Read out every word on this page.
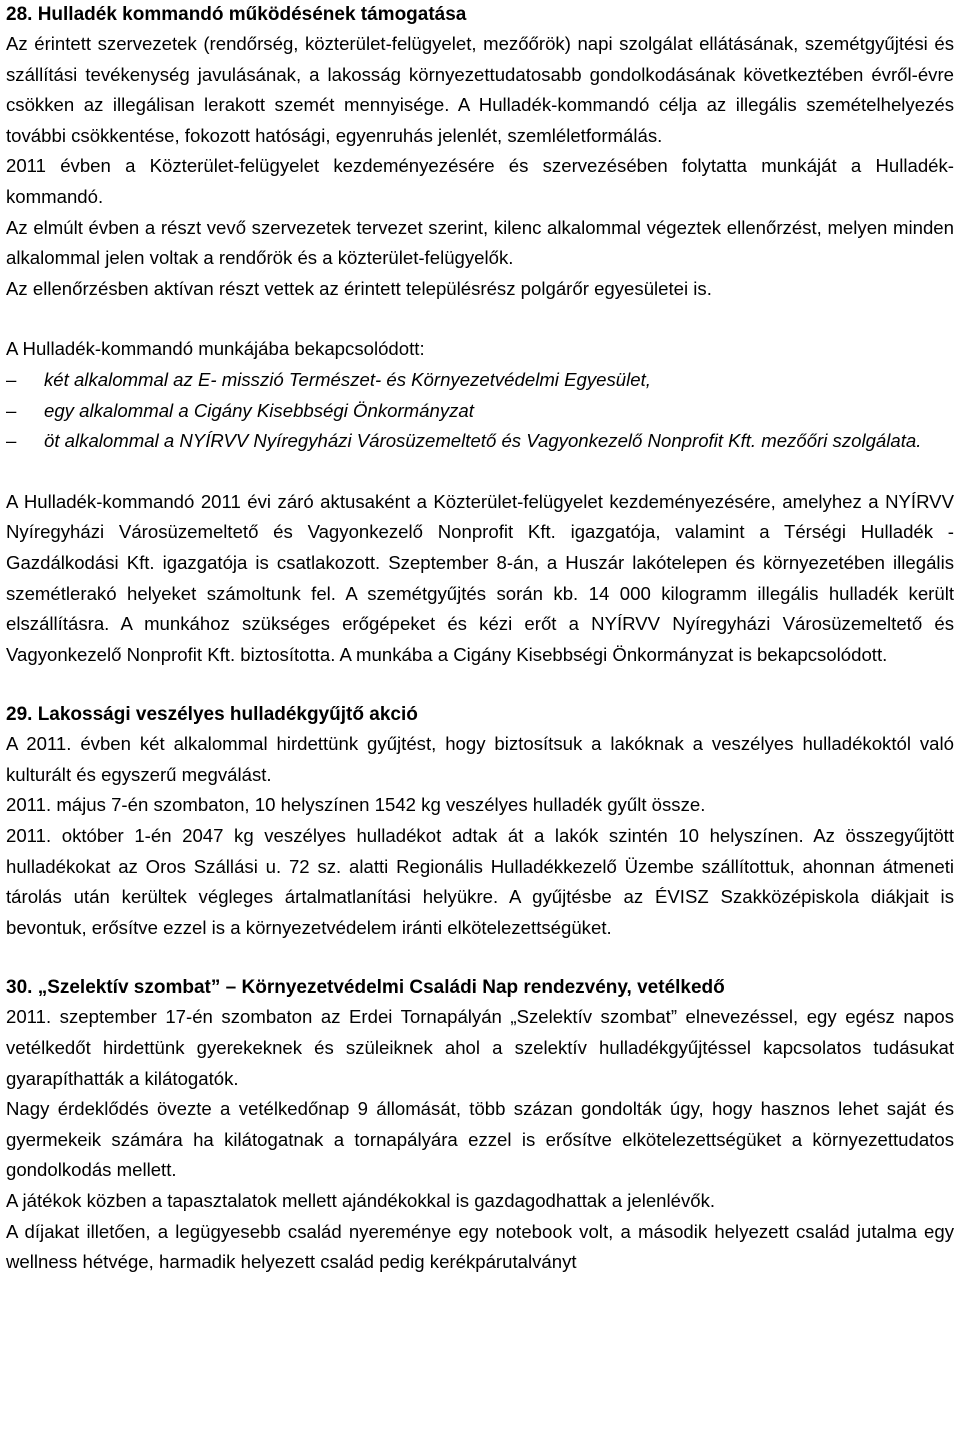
28. Hulladék kommandó működésének támogatása

Az érintett szervezetek (rendőrség, közterület-felügyelet, mezőőrök) napi szolgálat ellátásának, szemétgyűjtési és szállítási tevékenység javulásának, a lakosság környezettudatosabb gondolkodásának következtében évről-évre csökken az illegálisan lerakott szemét mennyisége. A Hulladék-kommandó célja az illegális szemételhelyezés további csökkentése, fokozott hatósági, egyenruhás jelenlét, szemléletformálás.

2011 évben a Közterület-felügyelet kezdeményezésére és szervezésében folytatta munkáját a Hulladék-kommandó.

Az elmúlt évben a részt vevő szervezetek tervezet szerint, kilenc alkalommal végeztek ellenőrzést, melyen minden alkalommal jelen voltak a rendőrök és a közterület-felügyelők.

Az ellenőrzésben aktívan részt vettek az érintett településrész polgárőr egyesületei is.

A Hulladék-kommandó munkájába bekapcsolódott:

– két alkalommal az E- misszió Természet- és Környezetvédelmi Egyesület,
– egy alkalommal a Cigány Kisebbségi Önkormányzat
– öt alkalommal a NYÍRVV Nyíregyházi Városüzemeltető és Vagyonkezelő Nonprofit Kft. mezőőri szolgálata.

A Hulladék-kommandó 2011 évi záró aktusaként a Közterület-felügyelet kezdeményezésére, amelyhez a NYÍRVV Nyíregyházi Városüzemeltető és Vagyonkezelő Nonprofit Kft. igazgatója, valamint a Térségi Hulladék - Gazdálkodási Kft. igazgatója is csatlakozott. Szeptember 8-án, a Huszár lakótelepen és környezetében illegális szemétlerakó helyeket számoltunk fel. A szemétgyűjtés során kb. 14 000 kilogramm illegális hulladék került elszállításra. A munkához szükséges erőgépeket és kézi erőt a NYÍRVV Nyíregyházi Városüzemeltető és Vagyonkezelő Nonprofit Kft. biztosította. A munkába a Cigány Kisebbségi Önkormányzat is bekapcsolódott.

29. Lakossági veszélyes hulladékgyűjtő akció

A 2011. évben két alkalommal hirdettünk gyűjtést, hogy biztosítsuk a lakóknak a veszélyes hulladékoktól való kulturált és egyszerű megválást.

2011. május 7-én szombaton, 10 helyszínen 1542 kg veszélyes hulladék gyűlt össze.

2011. október 1-én 2047 kg veszélyes hulladékot adtak át a lakók szintén 10 helyszínen. Az összegyűjtött hulladékokat az Oros Szállási u. 72 sz. alatti Regionális Hulladékkezelő Üzembe szállítottuk, ahonnan átmeneti tárolás után kerültek végleges ártalmatlanítási helyükre. A gyűjtésbe az ÉVISZ Szakközépiskola diákjait is bevontuk, erősítve ezzel is a környezetvédelem iránti elkötelezettségüket.

30. „Szelektív szombat” – Környezetvédelmi Családi Nap rendezvény, vetélkedő

2011. szeptember 17-én szombaton az Erdei Tornapályán „Szelektív szombat” elnevezéssel, egy egész napos vetélkedőt hirdettünk gyerekeknek és szüleiknek ahol a szelektív hulladékgyűjtéssel kapcsolatos tudásukat gyarapíthatták a kilátogatók.

Nagy érdeklődés övezte a vetélkedőnap 9 állomását, több százan gondolták úgy, hogy hasznos lehet saját és gyermekeik számára ha kilátogatnak a tornapályára ezzel is erősítve elkötelezettségüket a környezettudatos gondolkodás mellett.

A játékok közben a tapasztalatok mellett ajándékokkal is gazdagodhattak a jelenlévők.

A díjakat illetően, a legügyesebb család nyereménye egy notebook volt, a második helyezett család jutalma egy wellness hétvége, harmadik helyezett család pedig kerékpárutalványt
